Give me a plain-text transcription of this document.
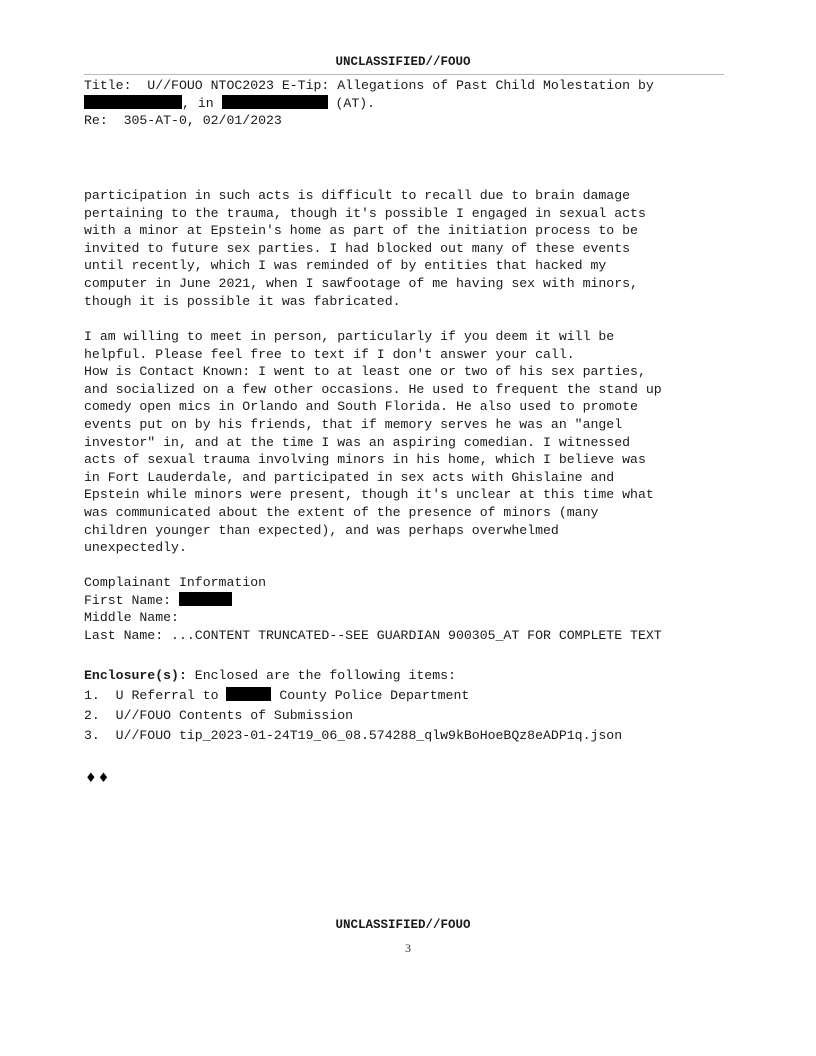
UNCLASSIFIED//FOUO
Title:  U//FOUO NTOC2023 E-Tip: Allegations of Past Child Molestation by
, in	(AT).
Re:  305-AT-0, 02/01/2023
participation in such acts is difficult to recall due to brain damage
pertaining to the trauma, though it's possible I engaged in sexual acts
with a minor at Epstein's home as part of the initiation process to be
invited to future sex parties. I had blocked out many of these events
until recently, which I was reminded of by entities that hacked my
computer in June 2021, when I sawfootage of me having sex with minors,
though it is possible it was fabricated.
I am willing to meet in person, particularly if you deem it will be
helpful. Please feel free to text if I don't answer your call.
How is Contact Known: I went to at least one or two of his sex parties,
and socialized on a few other occasions. He used to frequent the stand up
comedy open mics in Orlando and South Florida. He also used to promote
events put on by his friends, that if memory serves he was an "angel
investor" in, and at the time I was an aspiring comedian. I witnessed
acts of sexual trauma involving minors in his home, which I believe was
in Fort Lauderdale, and participated in sex acts with Ghislaine and
Epstein while minors were present, though it's unclear at this time what
was communicated about the extent of the presence of minors (many
children younger than expected), and was perhaps overwhelmed
unexpectedly.
Complainant Information
First Name:
Middle Name:
Last Name: ...CONTENT TRUNCATED--SEE GUARDIAN 900305_AT FOR COMPLETE TEXT
Enclosure(s): Enclosed are the following items:
1. U Referral to	County Police Department
2. U//FOUO Contents of Submission
3. U//FOUO tip_2023-01-24T19_06_08.574288_qlw9kBoHoeBQz8eADP1q.json
♦♦
UNCLASSIFIED//FOUO
3
